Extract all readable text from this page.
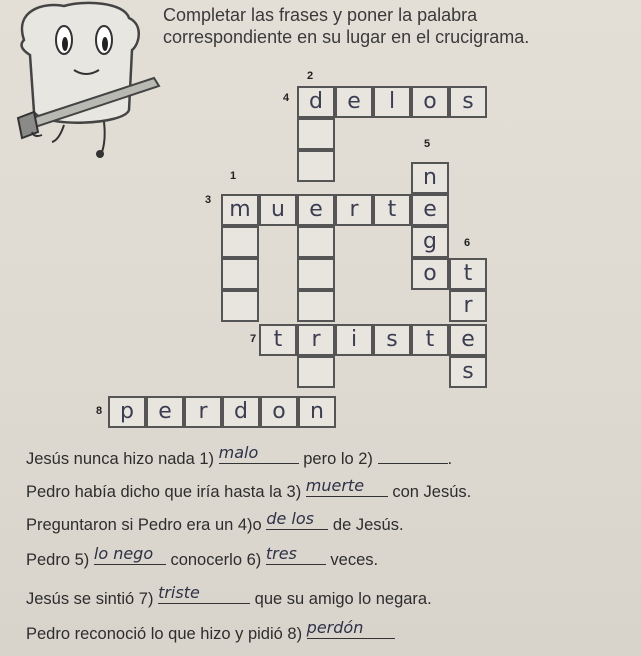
Completar las frases y poner la palabra
correspondiente en su lugar en el crucigrama.
2
4
5
1
3
6
7
8
d	e	l	o	s
m u	e	r	t	e
n
g
o	t
r
s
t	r	i	s	t	e
p	e	r	d	o	n
Jesús nunca hizo nada 1) malo pero lo 2)	.
Pedro había dicho que iría hasta la 3) muerte con Jesús.
Preguntaron si Pedro era un 4)o de los de Jesús.
Pedro 5) lo nego conocerlo 6) tres veces.
Jesús se sintió 7) triste	que su amigo lo negara.
Pedro reconoció lo que hizo y pidió 8) perdón
